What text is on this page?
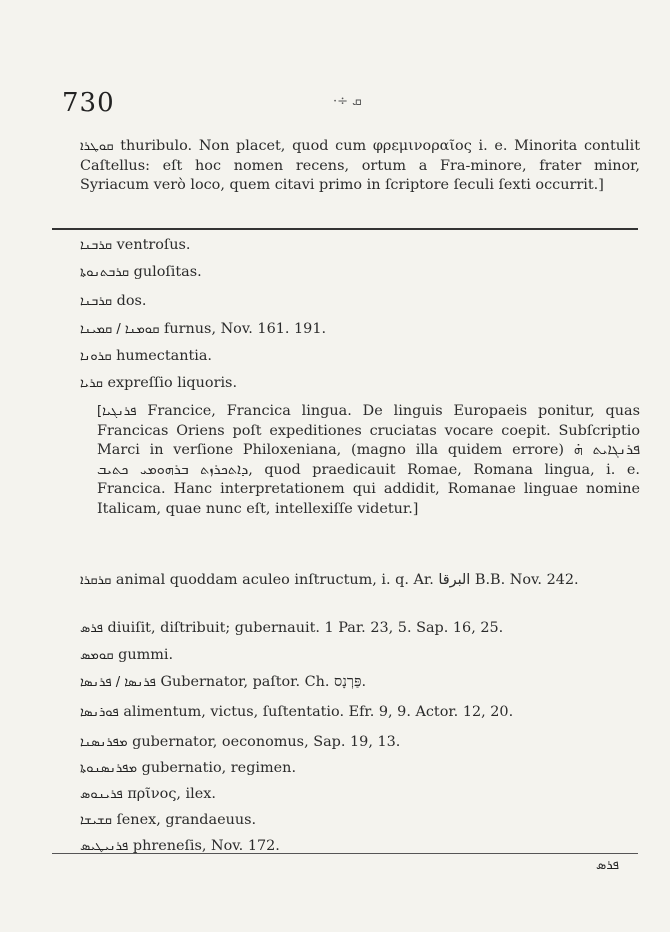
730	·÷ ܩ
ܩܘܛܪܐ thuribulo. Non placet, quod cum φρεμινοραῖος i. e. Minorita contulit Caſtellus: eſt hoc nomen recens, ortum a Fra-minore, frater minor, Syriacum verò loco, quem citavi primo in ſcriptore ſeculi ſexti occurrit.]
ܩܪܒܢܐ ventroſus.
ܩܪܒܬܢܘܬܐ guloſitas.
ܩܪܒܢܐ dos.
ܩܘܡܢܐ / ܩܡܝܢܐ furnus, Nov. 161. 191.
ܩܪܘܢܐ humectantia.
ܩܪܝܐ expreſſio liquoris.
[ܦܪܢܓܝܐ Francice, Francica lingua. De linguis Europaeis ponitur, quas Francicas Oriens poſt expeditiones cruciatas vocare coepit. Subſcriptio Marci in verſione Philoxeniana, (magno illa quidem errore) ܦܪܢܓܐܝܬ ܗ̇ ܕܐܬܟܪܙܬ ܒܪܗܘܡܝ ܟܬܝܒ, quod praedicauit Romae, Romana lingua, i. e. Francica. Hanc interpretationem qui addidit, Romanae linguae nomine Italicam, quae nunc eſt, intellexiſſe videtur.]
ܩܪܩܪܐ animal quoddam aculeo inſtructum, i. q. Ar. البرقا B.B. Nov. 242.
ܦܪܣ diuiſit, diſtribuit; gubernauit. 1 Par. 23, 5. Sap. 16, 25.
ܩܘܡܣ gummi.
ܦܪܢܣܐ / ܦܪܢܣܐ Gubernator, paſtor. Ch. פַּרְנָס.
ܦܘܪܢܣܐ alimentum, victus, ſuſtentatio. Efr. 9, 9. Actor. 12, 20.
ܡܦܪܢܣܢܐ gubernator, oeconomus, Sap. 19, 13.
ܡܦܪܢܣܢܘܬܐ gubernatio, regimen.
ܦܪܝܢܘܣ πρῖνος, ilex.
ܩܫܝܫܐ ſenex, grandaeuus.
ܦܪܢܝܛܝܣ phreneſis, Nov. 172.
ܦܪܣ
